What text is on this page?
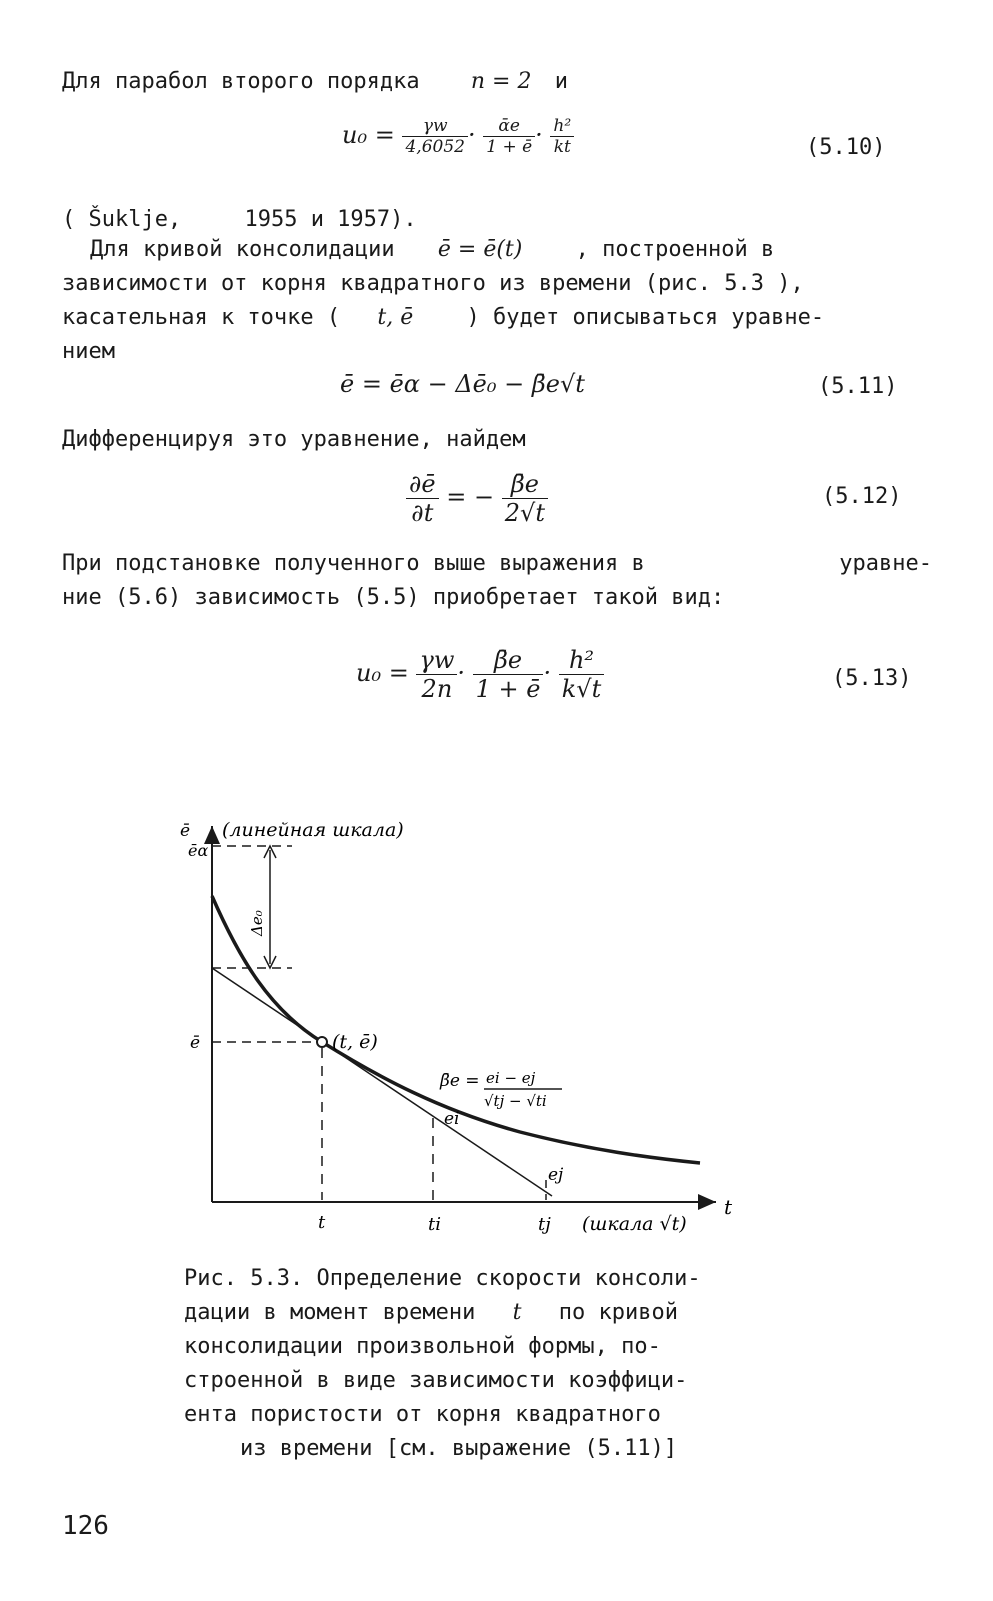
Для парабол второго порядка n = 2 и
$u_0 = \frac{\gamma w}{4,6052} \cdot \frac{\text{ᾱe}}{1 + ē} \cdot \frac{\text{h²}}{kt}$	(5.10)
( Šuklje,	1955 и 1957).
Для кривой консолидации ē = ē(t) , построенной в
зависимости от корня квадратного из времени (рис. 5.3 ),
касательная к точке ( t, ē ) будет описываться уравне-
нием
ē = ēα − Δē₀ − β̄e√t	(5.11)
Дифференцируя это уравнение, найдем
$\frac{\partial ē}{\partial t}$ = − $\frac{\betāe}{2√t}$	(5.12)
При подстановке полученного выше выражения в	уравне-
ние (5.6) зависимость (5.5) приобретает такой вид:
$u_0 = \frac{\gamma w}{2n} \cdot \frac{\betāe}{1 + ē} \cdot \frac{\text{h²}}{k√t}$	(5.13)
ē (линейная шкала)
ēα
Δe₀
ē	(t, ē)
β̄e = ei − ej
√tj − √ti
ei
ej
t
t	ti	tj (шкала √t)
Рис. 5.3. Определение скорости консоли-
дации в момент времени t по кривой
консолидации произвольной формы, по-
строенной в виде зависимости коэффици-
ента пористости от корня квадратного
из времени [см. выражение (5.11)]
126
